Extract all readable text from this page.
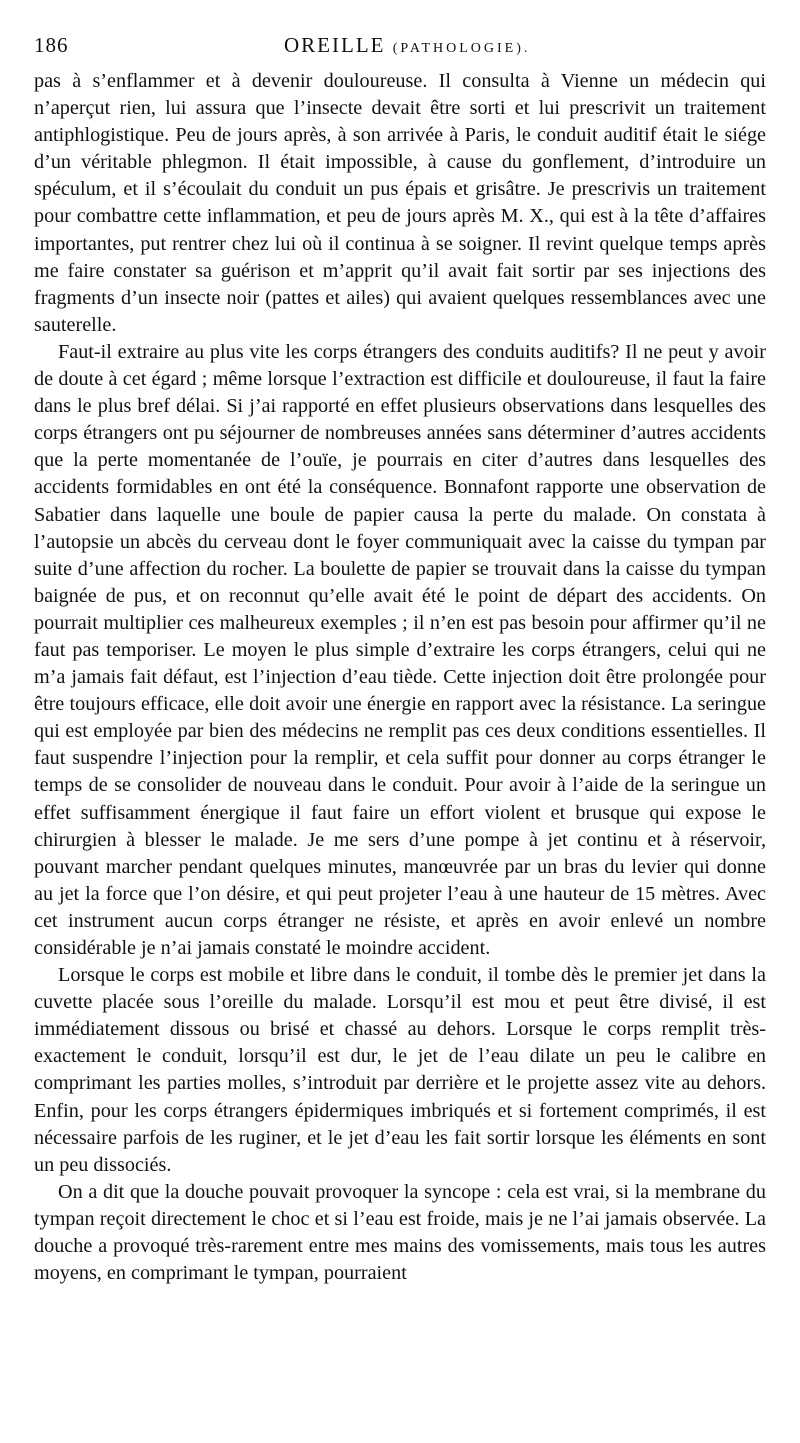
186	OREILLE (PATHOLOGIE).

pas à s’enflammer et à devenir douloureuse. Il consulta à Vienne un médecin qui n’aperçut rien, lui assura que l’insecte devait être sorti et lui prescrivit un traitement antiphlogistique. Peu de jours après, à son arrivée à Paris, le conduit auditif était le siége d’un véritable phlegmon. Il était impossible, à cause du gonflement, d’introduire un spéculum, et il s’écoulait du conduit un pus épais et grisâtre. Je prescrivis un traitement pour combattre cette inflammation, et peu de jours après M. X., qui est à la tête d’affaires importantes, put rentrer chez lui où il continua à se soigner. Il revint quelque temps après me faire constater sa guérison et m’apprit qu’il avait fait sortir par ses injections des fragments d’un insecte noir (pattes et ailes) qui avaient quelques ressemblances avec une sauterelle.

Faut-il extraire au plus vite les corps étrangers des conduits auditifs? Il ne peut y avoir de doute à cet égard ; même lorsque l’extraction est difficile et douloureuse, il faut la faire dans le plus bref délai. Si j’ai rapporté en effet plusieurs observations dans lesquelles des corps étrangers ont pu séjourner de nombreuses années sans déterminer d’autres accidents que la perte momentanée de l’ouïe, je pourrais en citer d’autres dans lesquelles des accidents formidables en ont été la conséquence. Bonnafont rapporte une observation de Sabatier dans laquelle une boule de papier causa la perte du malade. On constata à l’autopsie un abcès du cerveau dont le foyer communiquait avec la caisse du tympan par suite d’une affection du rocher. La boulette de papier se trouvait dans la caisse du tympan baignée de pus, et on reconnut qu’elle avait été le point de départ des accidents. On pourrait multiplier ces malheureux exemples ; il n’en est pas besoin pour affirmer qu’il ne faut pas temporiser. Le moyen le plus simple d’extraire les corps étrangers, celui qui ne m’a jamais fait défaut, est l’injection d’eau tiède. Cette injection doit être prolongée pour être toujours efficace, elle doit avoir une énergie en rapport avec la résistance. La seringue qui est employée par bien des médecins ne remplit pas ces deux conditions essentielles. Il faut suspendre l’injection pour la remplir, et cela suffit pour donner au corps étranger le temps de se consolider de nouveau dans le conduit. Pour avoir à l’aide de la seringue un effet suffisamment énergique il faut faire un effort violent et brusque qui expose le chirurgien à blesser le malade. Je me sers d’une pompe à jet continu et à réservoir, pouvant marcher pendant quelques minutes, manœuvrée par un bras du levier qui donne au jet la force que l’on désire, et qui peut projeter l’eau à une hauteur de 15 mètres. Avec cet instrument aucun corps étranger ne résiste, et après en avoir enlevé un nombre considérable je n’ai jamais constaté le moindre accident.

Lorsque le corps est mobile et libre dans le conduit, il tombe dès le premier jet dans la cuvette placée sous l’oreille du malade. Lorsqu’il est mou et peut être divisé, il est immédiatement dissous ou brisé et chassé au dehors. Lorsque le corps remplit très-exactement le conduit, lorsqu’il est dur, le jet de l’eau dilate un peu le calibre en comprimant les parties molles, s’introduit par derrière et le projette assez vite au dehors. Enfin, pour les corps étrangers épidermiques imbriqués et si fortement comprimés, il est nécessaire parfois de les ruginer, et le jet d’eau les fait sortir lorsque les éléments en sont un peu dissociés.

On a dit que la douche pouvait provoquer la syncope : cela est vrai, si la membrane du tympan reçoit directement le choc et si l’eau est froide, mais je ne l’ai jamais observée. La douche a provoqué très-rarement entre mes mains des vomissements, mais tous les autres moyens, en comprimant le tympan, pourraient
